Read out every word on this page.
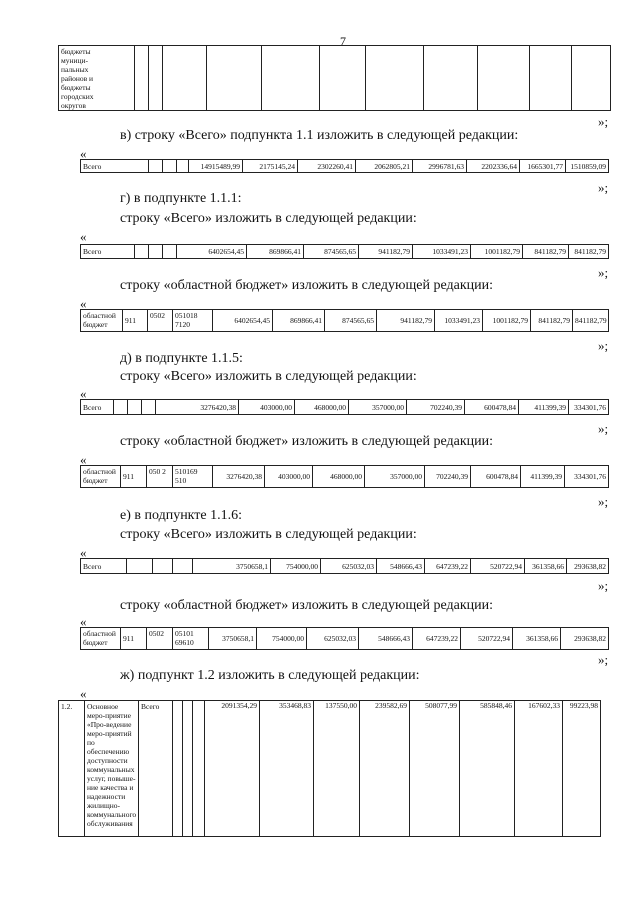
7
бюджеты
муници-
пальных
районов и
бюджеты
городских
округов

»;
в) строку «Всего» подпункта 1.1 изложить в следующей редакции:
«
Всего				14915489,99	2175145,24	2302260,41	2062805,21	2996781,63	2202336,64	1665301,77	1510859,09
»;
г) в подпункте 1.1.1:
строку «Всего» изложить в следующей редакции:
«
Всего				6402654,45	869866,41	874565,65	941182,79	1033491,23	1001182,79	841182,79	841182,79
»;
строку «областной бюджет» изложить в следующей редакции:
«
областной бюджет	911	0502	051018 7120	6402654,45	869866,41	874565,65	941182,79	1033491,23	1001182,79	841182,79	841182,79
»;
д) в подпункте 1.1.5:
строку «Всего» изложить в следующей редакции:
«
Всего				3276420,38	403000,00	468000,00	357000,00	702240,39	600478,84	411399,39	334301,76
»;
строку «областной бюджет» изложить в следующей редакции:
«
областной бюджет	911	050 2	510169 510	3276420,38	403000,00	468000,00	357000,00	702240,39	600478,84	411399,39	334301,76
»;
е) в подпункте 1.1.6:
строку «Всего» изложить в следующей редакции:
«
Всего				3750658,1	754000,00	625032,03	548666,43	647239,22	520722,94	361358,66	293638,82
»;
строку «областной бюджет» изложить в следующей редакции:
«
областной бюджет	911	0502	05101 69610	3750658,1	754000,00	625032,03	548666,43	647239,22	520722,94	361358,66	293638,82
»;
ж) подпункт 1.2 изложить в следующей редакции:
«
1.2.	Основное меро-приятие «Про-ведение меро-приятий по обеспечению доступности коммунальных услуг, повыше-ние качества и надежности жилищно-коммунального обслуживания	Всего				2091354,29	353468,83	137550,00	239582,69	508077,99	585848,46	167602,33	99223,98
